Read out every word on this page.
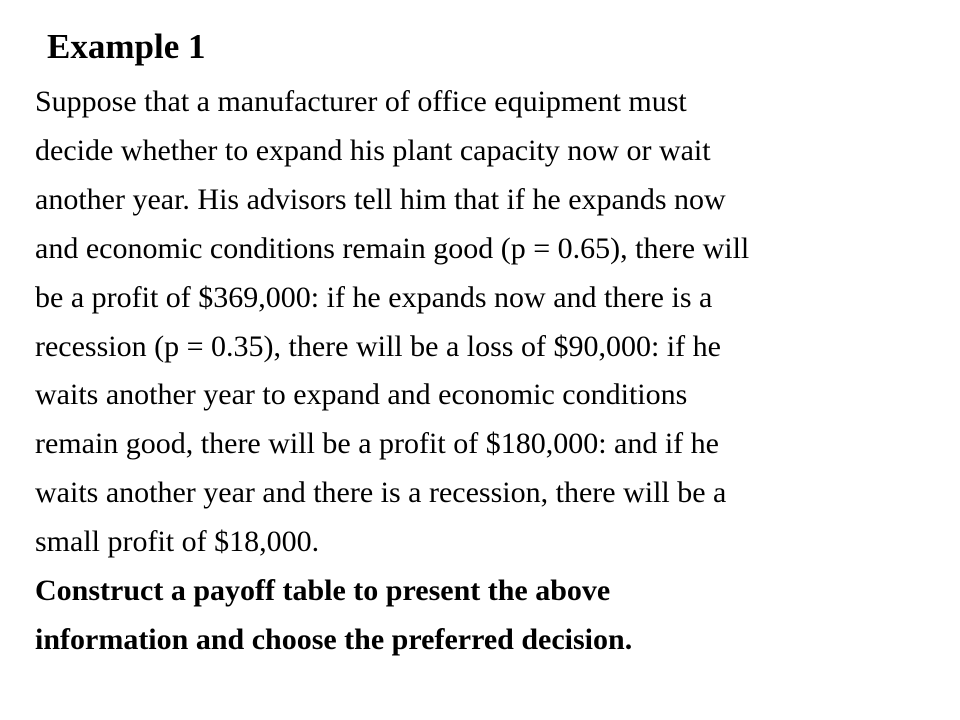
Example 1
Suppose that a manufacturer of office equipment must
decide whether to expand his plant capacity now or wait
another year. His advisors tell him that if he expands now
and economic conditions remain good (p = 0.65), there will
be a profit of $369,000: if he expands now and there is a
recession (p = 0.35), there will be a loss of $90,000: if he
waits another year to expand and economic conditions
remain good, there will be a profit of $180,000: and if he
waits another year and there is a recession, there will be a
small profit of $18,000.
Construct a payoff table to present the above
information and choose the preferred decision.
